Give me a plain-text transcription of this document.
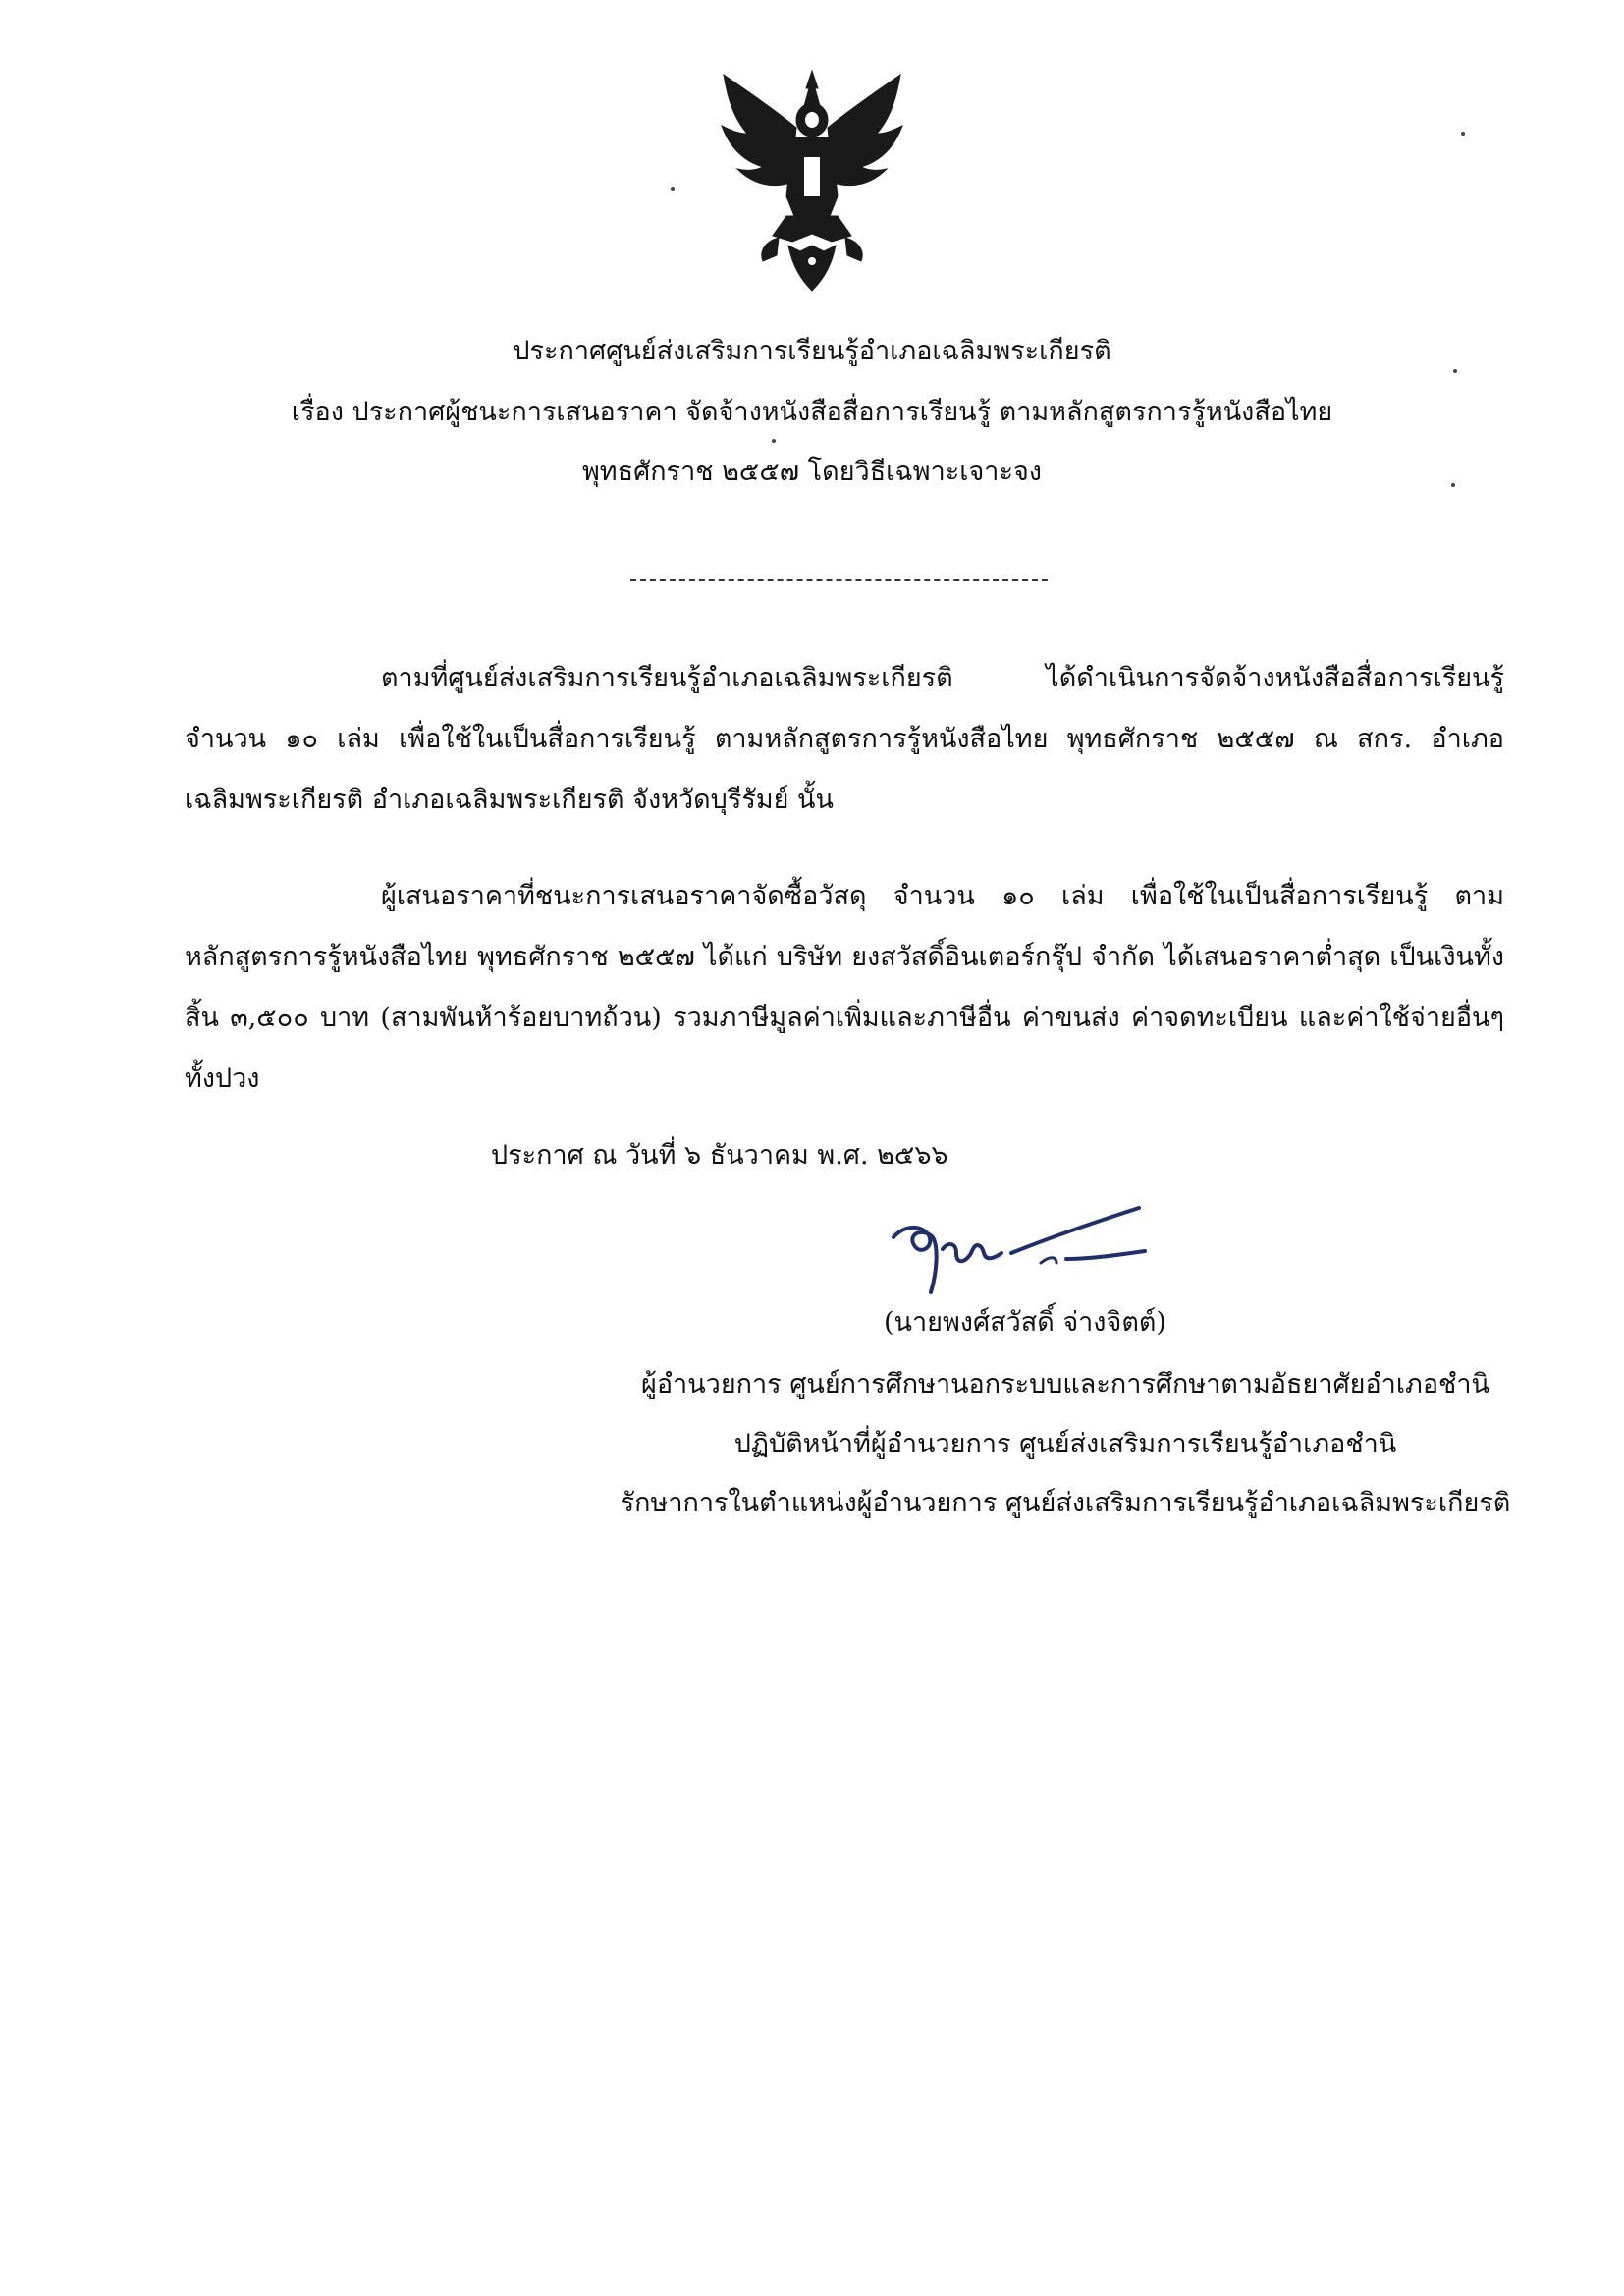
ประกาศศูนย์ส่งเสริมการเรียนรู้อำเภอเฉลิมพระเกียรติ
เรื่อง ประกาศผู้ชนะการเสนอราคา จัดจ้างหนังสือสื่อการเรียนรู้ ตามหลักสูตรการรู้หนังสือไทย
พุทธศักราช ๒๕๕๗ โดยวิธีเฉพาะเจาะจง
ตามที่ศูนย์ส่งเสริมการเรียนรู้อำเภอเฉลิมพระเกียรติ ได้ดำเนินการจัดจ้างหนังสือสื่อการเรียนรู้ จำนวน ๑๐ เล่ม เพื่อใช้ในเป็นสื่อการเรียนรู้ ตามหลักสูตรการรู้หนังสือไทย พุทธศักราช ๒๕๕๗ ณ สกร. อำเภอเฉลิมพระเกียรติ อำเภอเฉลิมพระเกียรติ จังหวัดบุรีรัมย์ นั้น
ผู้เสนอราคาที่ชนะการเสนอราคาจัดซื้อวัสดุ จำนวน ๑๐ เล่ม เพื่อใช้ในเป็นสื่อการเรียนรู้ ตามหลักสูตรการรู้หนังสือไทย พุทธศักราช ๒๕๕๗ ได้แก่ บริษัท ยงสวัสดิ์อินเตอร์กรุ๊ป จำกัด ได้เสนอราคาต่ำสุด เป็นเงินทั้งสิ้น ๓,๕๐๐ บาท (สามพันห้าร้อยบาทถ้วน) รวมภาษีมูลค่าเพิ่มและภาษีอื่น ค่าขนส่ง ค่าจดทะเบียน และค่าใช้จ่ายอื่นๆ ทั้งปวง
ประกาศ ณ วันที่ ๖ ธันวาคม พ.ศ. ๒๕๖๖
(นายพงศ์สวัสดิ์ จ่างจิตต์)
ผู้อำนวยการ ศูนย์การศึกษานอกระบบและการศึกษาตามอัธยาศัยอำเภอชำนิ
ปฏิบัติหน้าที่ผู้อำนวยการ ศูนย์ส่งเสริมการเรียนรู้อำเภอชำนิ
รักษาการในตำแหน่งผู้อำนวยการ ศูนย์ส่งเสริมการเรียนรู้อำเภอเฉลิมพระเกียรติ
